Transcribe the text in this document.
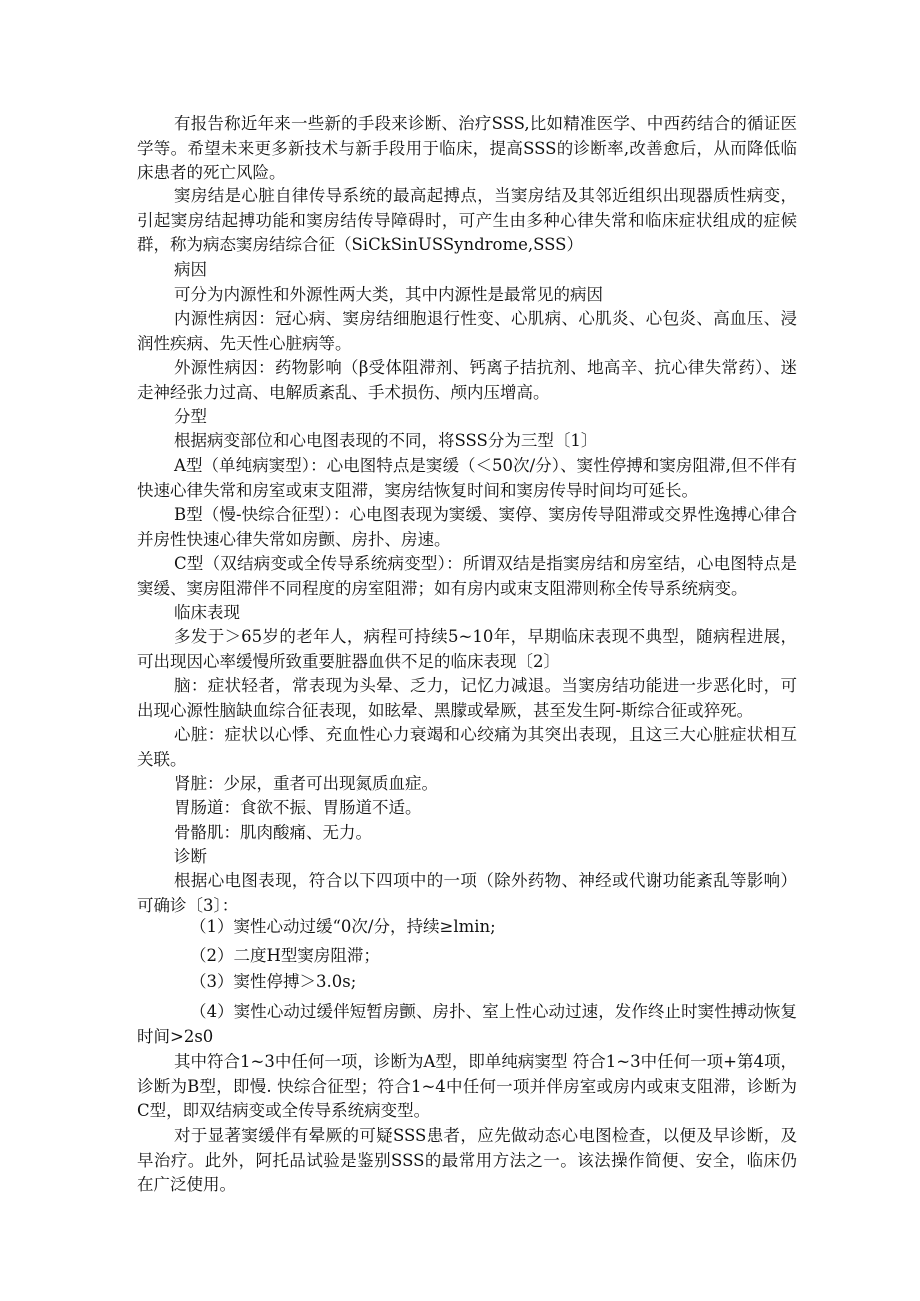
有报告称近年来一些新的手段来诊断、治疗SSS,比如精准医学、中西药结合的循证医学等。希望未来更多新技术与新手段用于临床，提高SSS的诊断率,改善愈后，从而降低临床患者的死亡风险。

窦房结是心脏自律传导系统的最高起搏点，当窦房结及其邻近组织出现器质性病变，引起窦房结起搏功能和窦房结传导障碍时，可产生由多种心律失常和临床症状组成的症候群，称为病态窦房结综合征（SiCkSinUSSyndrome,SSS）

病因

可分为内源性和外源性两大类，其中内源性是最常见的病因

内源性病因：冠心病、窦房结细胞退行性变、心肌病、心肌炎、心包炎、高血压、浸润性疾病、先天性心脏病等。

外源性病因：药物影响（β受体阻滞剂、钙离子拮抗剂、地高辛、抗心律失常药）、迷走神经张力过高、电解质紊乱、手术损伤、颅内压增高。

分型

根据病变部位和心电图表现的不同，将SSS分为三型〔1〕

A型（单纯病窦型）：心电图特点是窦缓（＜50次/分）、窦性停搏和窦房阻滞,但不伴有快速心律失常和房室或束支阻滞，窦房结恢复时间和窦房传导时间均可延长。

B型（慢-快综合征型）：心电图表现为窦缓、窦停、窦房传导阻滞或交界性逸搏心律合并房性快速心律失常如房颤、房扑、房速。

C型（双结病变或全传导系统病变型）：所谓双结是指窦房结和房室结，心电图特点是窦缓、窦房阻滞伴不同程度的房室阻滞；如有房内或束支阻滞则称全传导系统病变。

临床表现

多发于＞65岁的老年人，病程可持续5~10年，早期临床表现不典型，随病程进展，可出现因心率缓慢所致重要脏器血供不足的临床表现〔2〕

脑：症状轻者，常表现为头晕、乏力，记忆力减退。当窦房结功能进一步恶化时，可出现心源性脑缺血综合征表现，如眩晕、黑朦或晕厥，甚至发生阿-斯综合征或猝死。

心脏：症状以心悸、充血性心力衰竭和心绞痛为其突出表现，且这三大心脏症状相互关联。

肾脏：少尿，重者可出现氮质血症。

胃肠道：食欲不振、胃肠道不适。

骨骼肌：肌肉酸痛、无力。

诊断

根据心电图表现，符合以下四项中的一项（除外药物、神经或代谢功能紊乱等影响）可确诊〔3〕：

（1）窦性心动过缓“0次/分，持续≥lmin;

（2）二度H型窦房阻滞；

（3）窦性停搏＞3.0s;

（4）窦性心动过缓伴短暂房颤、房扑、室上性心动过速，发作终止时窦性搏动恢复时间>2s0

其中符合1~3中任何一项，诊断为A型，即单纯病窦型 符合1~3中任何一项+第4项，诊断为B型，即慢. 快综合征型；符合1~4中任何一项并伴房室或房内或束支阻滞，诊断为C型，即双结病变或全传导系统病变型。

对于显著窦缓伴有晕厥的可疑SSS患者，应先做动态心电图检查，以便及早诊断，及早治疗。此外，阿托品试验是鉴别SSS的最常用方法之一。该法操作简便、安全，临床仍在广泛使用。
